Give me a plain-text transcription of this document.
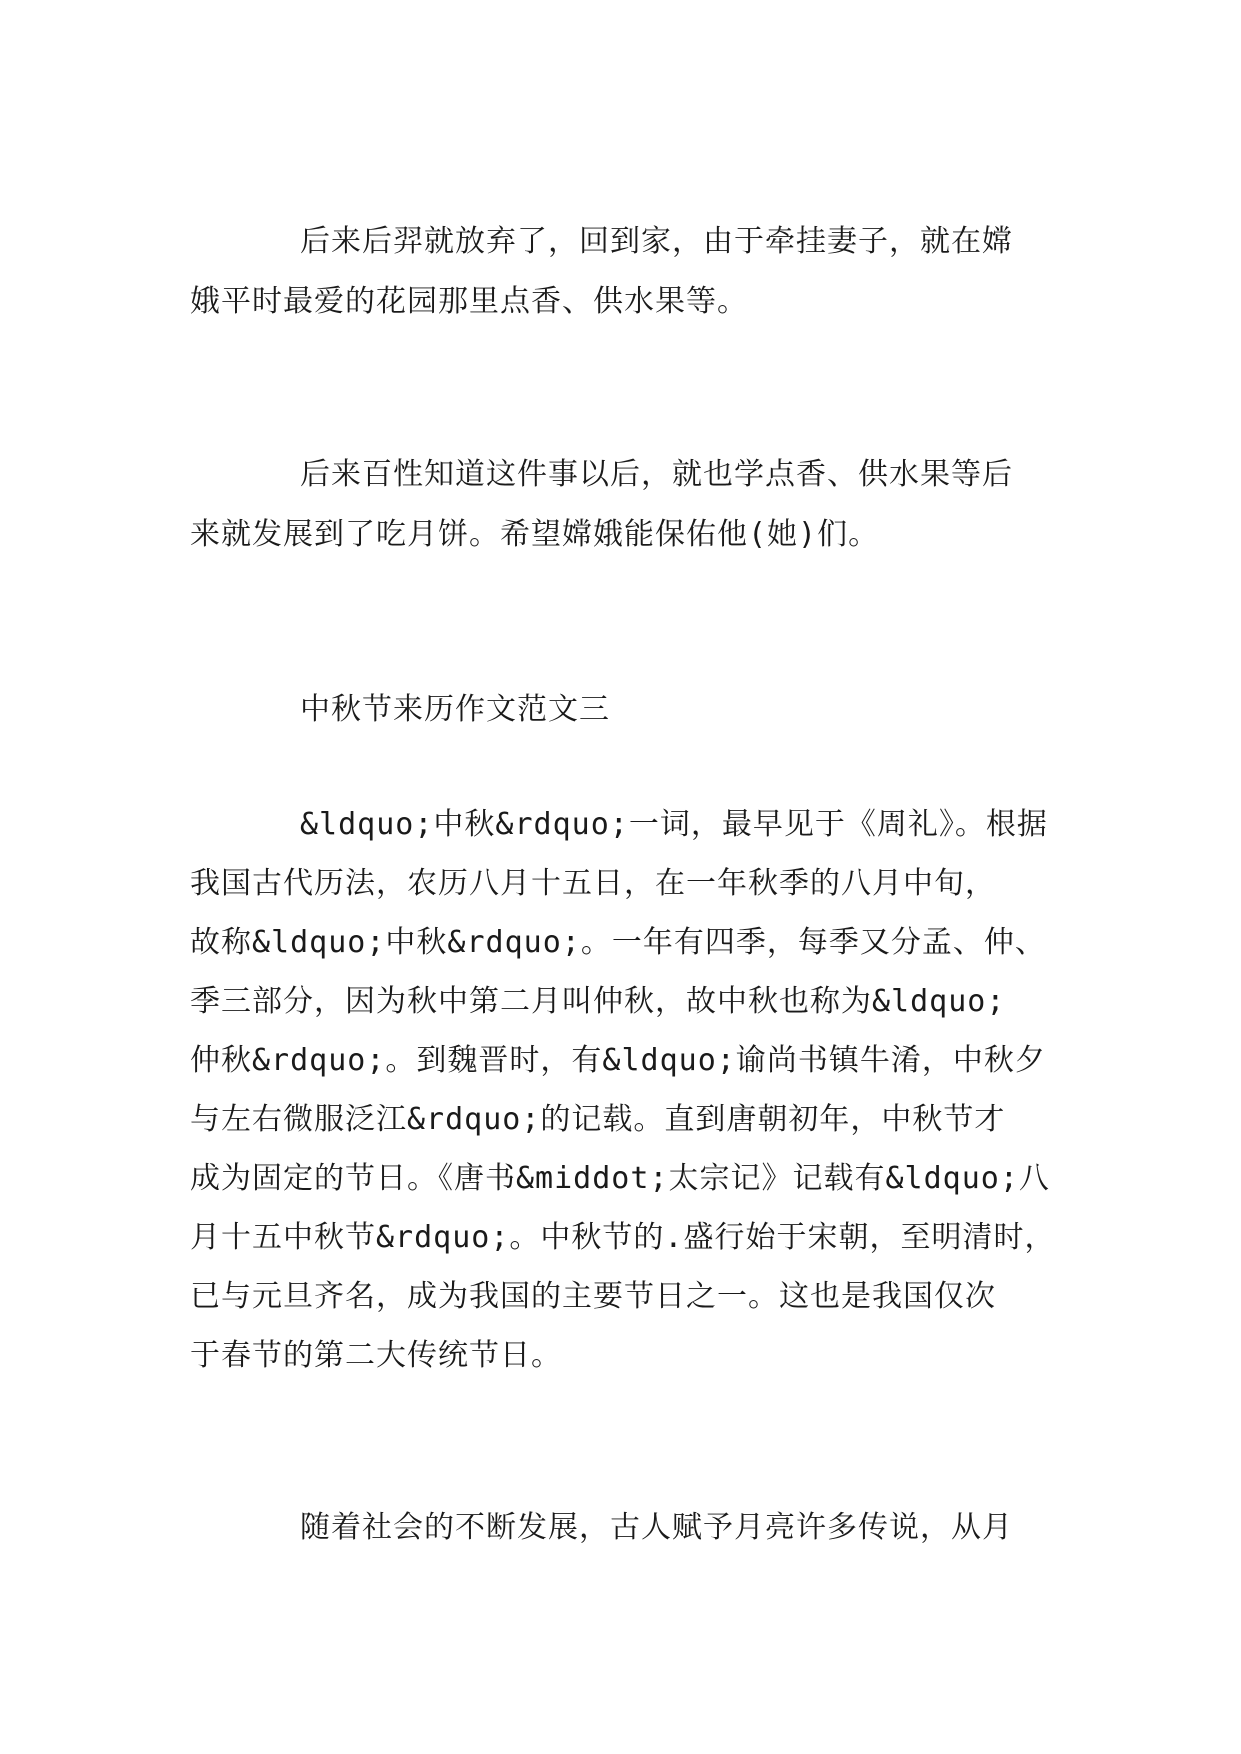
后来后羿就放弃了，回到家，由于牵挂妻子，就在嫦
娥平时最爱的花园那里点香、供水果等。
后来百性知道这件事以后，就也学点香、供水果等后
来就发展到了吃月饼。希望嫦娥能保佑他(她)们。
中秋节来历作文范文三
&ldquo;中秋&rdquo;一词，最早见于《周礼》。根据
我国古代历法，农历八月十五日，在一年秋季的八月中旬，
故称&ldquo;中秋&rdquo;。一年有四季，每季又分孟、仲、
季三部分，因为秋中第二月叫仲秋，故中秋也称为&ldquo;
仲秋&rdquo;。到魏晋时，有&ldquo;谕尚书镇牛淆，中秋夕
与左右微服泛江&rdquo;的记载。直到唐朝初年，中秋节才
成为固定的节日。《唐书&middot;太宗记》记载有&ldquo;八
月十五中秋节&rdquo;。中秋节的.盛行始于宋朝，至明清时，
已与元旦齐名，成为我国的主要节日之一。这也是我国仅次
于春节的第二大传统节日。
随着社会的不断发展，古人赋予月亮许多传说，从月
